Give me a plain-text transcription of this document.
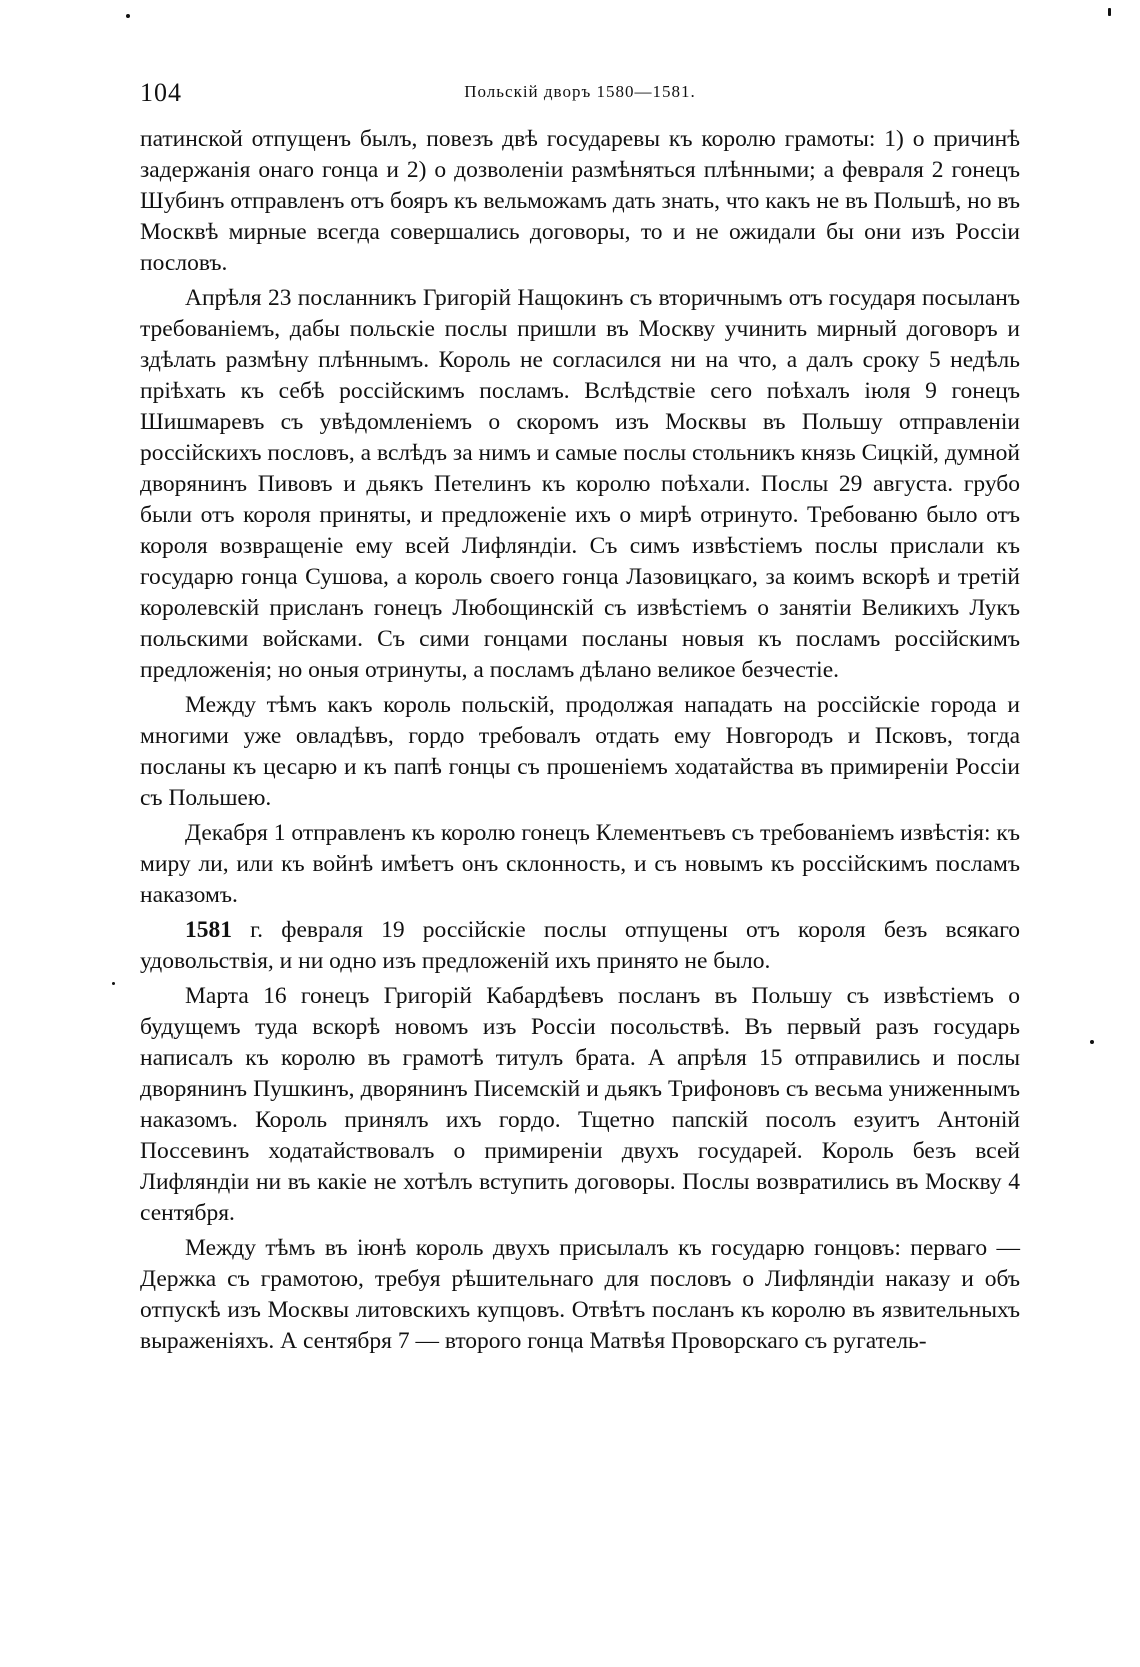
104	Польскій дворъ 1580—1581.

патинской отпущенъ былъ, повезъ двѣ государевы къ королю грамоты: 1) о причинѣ задержанія онаго гонца и 2) о дозволеніи размѣняться плѣнными; а февраля 2 гонецъ Шубинъ отправленъ отъ бояръ къ вельможамъ дать знать, что какъ не въ Польшѣ, но въ Москвѣ мирные всегда совершались договоры, то и не ожидали бы они изъ Россіи пословъ.

Апрѣля 23 посланникъ Григорій Нащокинъ съ вторичнымъ отъ государя посыланъ требованіемъ, дабы польскіе послы пришли въ Москву учинить мирный договоръ и здѣлать размѣну плѣннымъ. Король не согласился ни на что, а далъ сроку 5 недѣль пріѣхать къ себѣ россійскимъ посламъ. Вслѣдствіе сего поѣхалъ іюля 9 гонецъ Шишмаревъ съ увѣдомленіемъ о скоромъ изъ Москвы въ Польшу отправленіи россійскихъ пословъ, а вслѣдъ за нимъ и самые послы стольникъ князь Сицкій, думной дворянинъ Пивовъ и дьякъ Петелинъ къ королю поѣхали. Послы 29 августа. грубо были отъ короля приняты, и предложеніе ихъ о мирѣ отринуто. Требованю было отъ короля возвращеніе ему всей Лифляндіи. Съ симъ извѣстіемъ послы прислали къ государю гонца Сушова, а король своего гонца Лазовицкаго, за коимъ вскорѣ и третій королевскій присланъ гонецъ Любощинскій съ извѣстіемъ о занятіи Великихъ Лукъ польскими войсками. Съ сими гонцами посланы новыя къ посламъ россійскимъ предложенія; но оныя отринуты, а посламъ дѣлано великое безчестіе.

Между тѣмъ какъ король польскій, продолжая нападать на россійскіе города и многими уже овладѣвъ, гордо требовалъ отдать ему Новгородъ и Псковъ, тогда посланы къ цесарю и къ папѣ гонцы съ прошеніемъ ходатайства въ примиреніи Россіи съ Польшею.

Декабря 1 отправленъ къ королю гонецъ Клементьевъ съ требованіемъ извѣстія: къ миру ли, или къ войнѣ имѣетъ онъ склонность, и съ новымъ къ россійскимъ посламъ наказомъ.

1581 г. февраля 19 россійскіе послы отпущены отъ короля безъ всякаго удовольствія, и ни одно изъ предложеній ихъ принято не было.

Марта 16 гонецъ Григорій Кабардѣевъ посланъ въ Польшу съ извѣстіемъ о будущемъ туда вскорѣ новомъ изъ Россіи посольствѣ. Въ первый разъ государь написалъ къ королю въ грамотѣ титулъ брата. А апрѣля 15 отправились и послы дворянинъ Пушкинъ, дворянинъ Писемскій и дьякъ Трифоновъ съ весьма униженнымъ наказомъ. Король принялъ ихъ гордо. Тщетно папскій посолъ езуитъ Антоній Поссевинъ ходатайствовалъ о примиреніи двухъ государей. Король безъ всей Лифляндіи ни въ какіе не хотѣлъ вступить договоры. Послы возвратились въ Москву 4 сентября.

Между тѣмъ въ іюнѣ король двухъ присылалъ къ государю гонцовъ: перваго — Держка съ грамотою, требуя рѣшительнаго для пословъ о Лифляндіи наказу и объ отпускѣ изъ Москвы литовскихъ купцовъ. Отвѣтъ посланъ къ королю въ язвительныхъ выраженіяхъ. А сентября 7 — второго гонца Матвѣя Проворскаго съ ругатель-
